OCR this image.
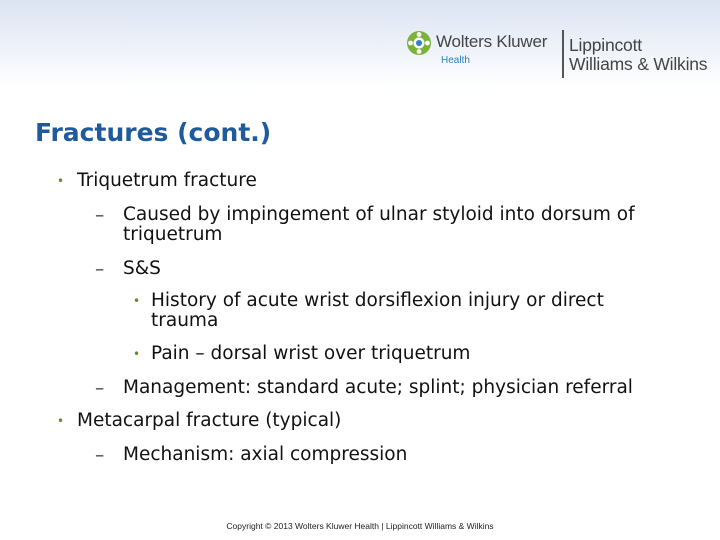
Wolters Kluwer
Health
Lippincott
Williams & Wilkins
Fractures (cont.)
• Triquetrum fracture
– Caused by impingement of ulnar styloid into dorsum of
triquetrum
– S&S
• History of acute wrist dorsiflexion injury or direct
trauma
• Pain – dorsal wrist over triquetrum
– Management: standard acute; splint; physician referral
• Metacarpal fracture (typical)
– Mechanism: axial compression
Copyright © 2013 Wolters Kluwer Health | Lippincott Williams & Wilkins
